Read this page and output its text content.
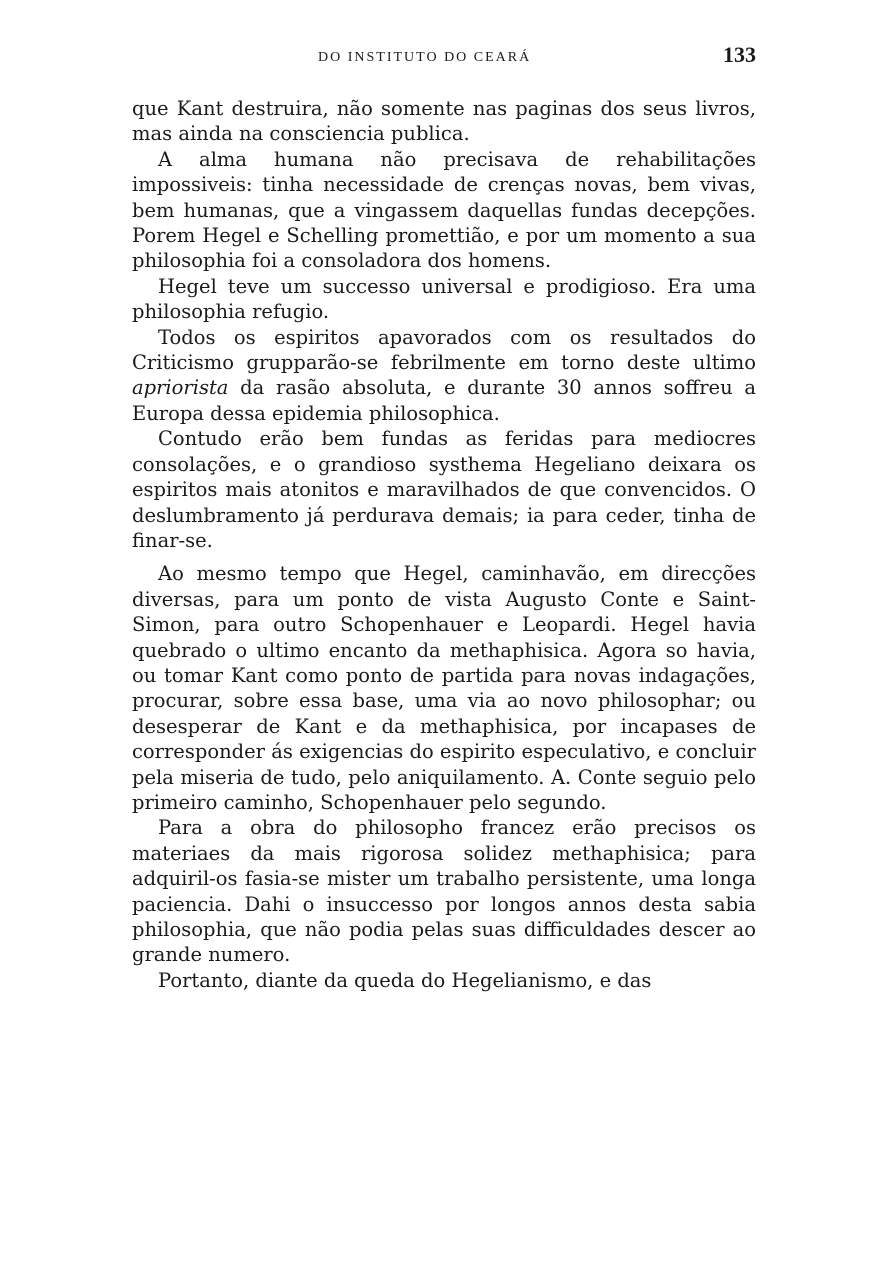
DO INSTITUTO DO CEARÁ	133

que Kant destruira, não somente nas paginas dos seus livros, mas ainda na consciencia publica.

A alma humana não precisava de rehabilitações impossiveis: tinha necessidade de crenças novas, bem vivas, bem humanas, que a vingassem daquellas fundas decepções. Porem Hegel e Schelling promettião, e por um momento a sua philosophia foi a consoladora dos homens.

Hegel teve um successo universal e prodigioso. Era uma philosophia refugio.

Todos os espiritos apavorados com os resultados do Criticismo grupparão-se febrilmente em torno deste ultimo apriorista da rasão absoluta, e durante 30 annos soffreu a Europa dessa epidemia philosophica.

Contudo erão bem fundas as feridas para mediocres consolações, e o grandioso systhema Hegeliano deixara os espiritos mais atonitos e maravilhados de que convencidos. O deslumbramento já perdurava demais; ia para ceder, tinha de finar-se.

Ao mesmo tempo que Hegel, caminhavão, em direcções diversas, para um ponto de vista Augusto Conte e Saint-Simon, para outro Schopenhauer e Leopardi. Hegel havia quebrado o ultimo encanto da methaphisica. Agora so havia, ou tomar Kant como ponto de partida para novas indagações, procurar, sobre essa base, uma via ao novo philosophar; ou desesperar de Kant e da methaphisica, por incapases de corresponder ás exigencias do espirito especulativo, e concluir pela miseria de tudo, pelo aniquilamento. A. Conte seguio pelo primeiro caminho, Schopenhauer pelo segundo.

Para a obra do philosopho francez erão precisos os materiaes da mais rigorosa solidez methaphisica; para adquiril-os fasia-se mister um trabalho persistente, uma longa paciencia. Dahi o insuccesso por longos annos desta sabia philosophia, que não podia pelas suas difficuldades descer ao grande numero.

Portanto, diante da queda do Hegelianismo, e das
